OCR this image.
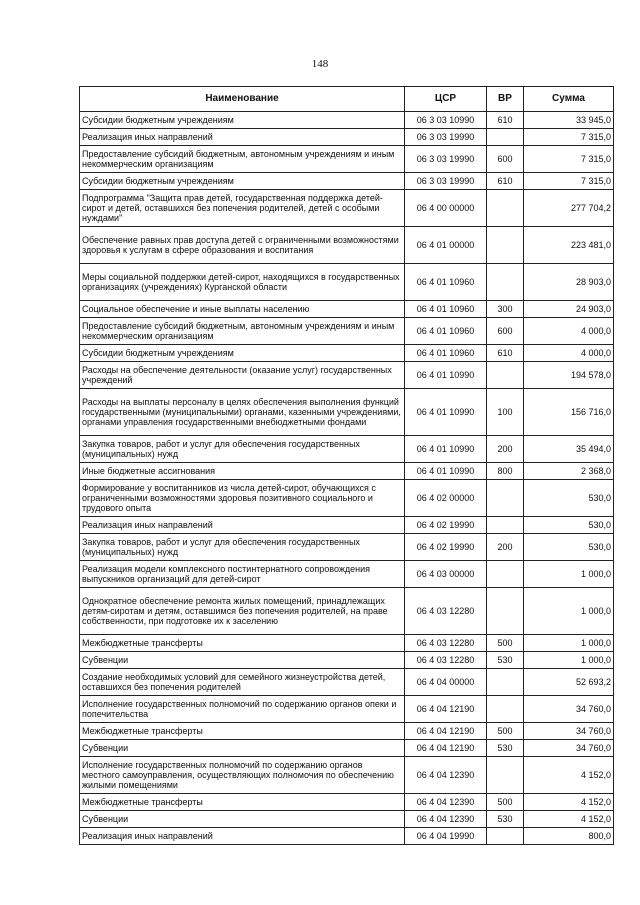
148
Наименование	ЦСР	ВР	Сумма
Субсидии бюджетным учреждениям	06 3 03 10990	610	33 945,0
Реализация иных направлений	06 3 03 19990		7 315,0
Предоставление субсидий бюджетным, автономным учреждениям и иным некоммерческим организациям	06 3 03 19990	600	7 315,0
Субсидии бюджетным учреждениям	06 3 03 19990	610	7 315,0
Подпрограмма "Защита прав детей, государственная поддержка детей-сирот и детей, оставшихся без попечения родителей, детей с особыми нуждами"	06 4 00 00000		277 704,2
Обеспечение равных прав доступа детей с ограниченными возможностями здоровья к услугам в сфере образования и воспитания	06 4 01 00000		223 481,0
Меры социальной поддержки детей-сирот, находящихся в государственных организациях (учреждениях) Курганской области	06 4 01 10960		28 903,0
Социальное обеспечение и иные выплаты населению	06 4 01 10960	300	24 903,0
Предоставление субсидий бюджетным, автономным учреждениям и иным некоммерческим организациям	06 4 01 10960	600	4 000,0
Субсидии бюджетным учреждениям	06 4 01 10960	610	4 000,0
Расходы на обеспечение деятельности (оказание услуг) государственных учреждений	06 4 01 10990		194 578,0
Расходы на выплаты персоналу в целях обеспечения выполнения функций государственными (муниципальными) органами, казенными учреждениями, органами управления государственными внебюджетными фондами	06 4 01 10990	100	156 716,0
Закупка товаров, работ и услуг для обеспечения государственных (муниципальных) нужд	06 4 01 10990	200	35 494,0
Иные бюджетные ассигнования	06 4 01 10990	800	2 368,0
Формирование у воспитанников из числа детей-сирот, обучающихся с ограниченными возможностями здоровья позитивного социального и трудового опыта	06 4 02 00000		530,0
Реализация иных направлений	06 4 02 19990		530,0
Закупка товаров, работ и услуг для обеспечения государственных (муниципальных) нужд	06 4 02 19990	200	530,0
Реализация модели комплексного постинтернатного сопровождения выпускников организаций для детей-сирот	06 4 03 00000		1 000,0
Однократное обеспечение ремонта жилых помещений, принадлежащих детям-сиротам и детям, оставшимся без попечения родителей, на праве собственности, при подготовке их к заселению	06 4 03 12280		1 000,0
Межбюджетные трансферты	06 4 03 12280	500	1 000,0
Субвенции	06 4 03 12280	530	1 000,0
Создание необходимых условий для семейного жизнеустройства детей, оставшихся без попечения родителей	06 4 04 00000		52 693,2
Исполнение государственных полномочий по содержанию органов опеки и попечительства	06 4 04 12190		34 760,0
Межбюджетные трансферты	06 4 04 12190	500	34 760,0
Субвенции	06 4 04 12190	530	34 760,0
Исполнение государственных полномочий по содержанию органов местного самоуправления, осуществляющих полномочия по обеспечению жилыми помещениями	06 4 04 12390		4 152,0
Межбюджетные трансферты	06 4 04 12390	500	4 152,0
Субвенции	06 4 04 12390	530	4 152,0
Реализация иных направлений	06 4 04 19990		800,0
